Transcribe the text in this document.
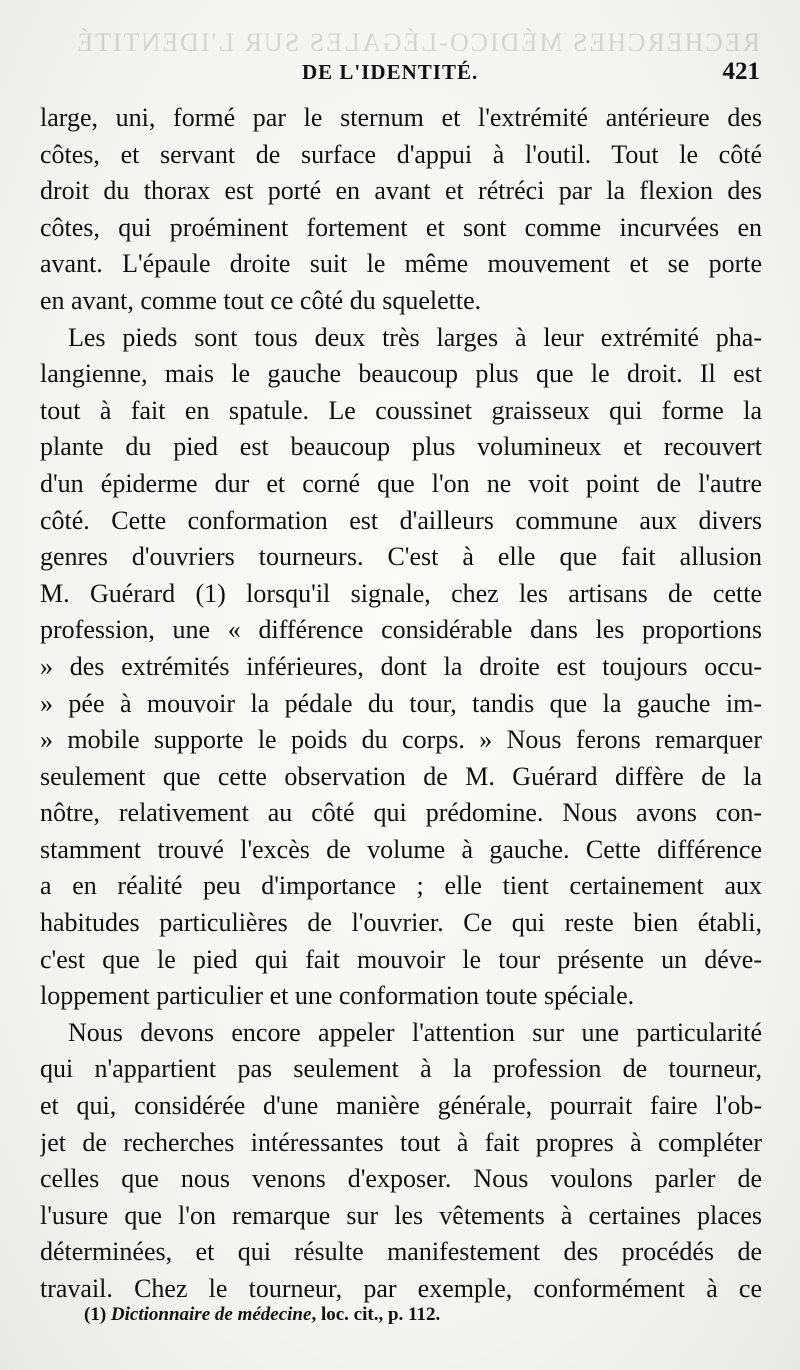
RECHERCHES MÉDICO-LÉGALES SUR L'IDENTITÉ
DE L'IDENTITÉ.	421
large, uni, formé par le sternum et l'extrémité antérieure des
côtes, et servant de surface d'appui à l'outil. Tout le côté
droit du thorax est porté en avant et rétréci par la flexion des
côtes, qui proéminent fortement et sont comme incurvées en
avant. L'épaule droite suit le même mouvement et se porte
en avant, comme tout ce côté du squelette.
Les pieds sont tous deux très larges à leur extrémité pha-
langienne, mais le gauche beaucoup plus que le droit. Il est
tout à fait en spatule. Le coussinet graisseux qui forme la
plante du pied est beaucoup plus volumineux et recouvert
d'un épiderme dur et corné que l'on ne voit point de l'autre
côté. Cette conformation est d'ailleurs commune aux divers
genres d'ouvriers tourneurs. C'est à elle que fait allusion
M. Guérard (1) lorsqu'il signale, chez les artisans de cette
profession, une « différence considérable dans les proportions
» des extrémités inférieures, dont la droite est toujours occu-
» pée à mouvoir la pédale du tour, tandis que la gauche im-
» mobile supporte le poids du corps. » Nous ferons remarquer
seulement que cette observation de M. Guérard diffère de la
nôtre, relativement au côté qui prédomine. Nous avons con-
stamment trouvé l'excès de volume à gauche. Cette différence
a en réalité peu d'importance ; elle tient certainement aux
habitudes particulières de l'ouvrier. Ce qui reste bien établi,
c'est que le pied qui fait mouvoir le tour présente un déve-
loppement particulier et une conformation toute spéciale.
Nous devons encore appeler l'attention sur une particularité
qui n'appartient pas seulement à la profession de tourneur,
et qui, considérée d'une manière générale, pourrait faire l'ob-
jet de recherches intéressantes tout à fait propres à compléter
celles que nous venons d'exposer. Nous voulons parler de
l'usure que l'on remarque sur les vêtements à certaines places
déterminées, et qui résulte manifestement des procédés de
travail. Chez le tourneur, par exemple, conformément à ce
(1) Dictionnaire de médecine, loc. cit., p. 112.
